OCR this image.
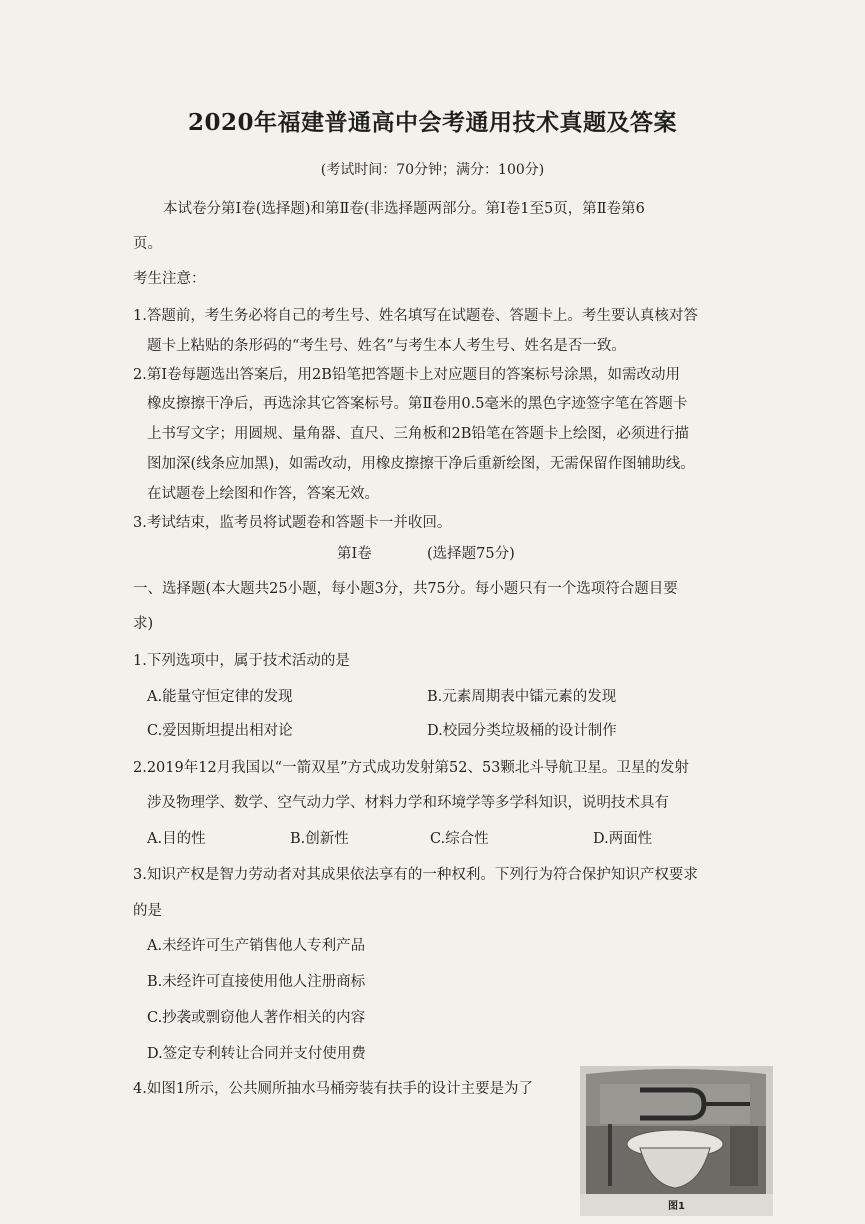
2020年福建普通高中会考通用技术真题及答案
(考试时间：70分钟；满分：100分)
本试卷分第Ⅰ卷(选择题)和第Ⅱ卷(非选择题两部分。第Ⅰ卷1至5页，第Ⅱ卷第6
页。
考生注意：
1.答题前，考生务必将自己的考生号、姓名填写在试题卷、答题卡上。考生要认真核对答
题卡上粘贴的条形码的“考生号、姓名”与考生本人考生号、姓名是否一致。
2.第Ⅰ卷每题选出答案后，用2B铅笔把答题卡上对应题目的答案标号涂黑，如需改动用
橡皮擦擦干净后，再选涂其它答案标号。第Ⅱ卷用0.5毫米的黑色字迹签字笔在答题卡
上书写文字；用圆规、量角器、直尺、三角板和2B铅笔在答题卡上绘图，必须进行描
图加深(线条应加黑)，如需改动，用橡皮擦擦干净后重新绘图，无需保留作图辅助线。
在试题卷上绘图和作答，答案无效。
3.考试结束，监考员将试题卷和答题卡一并收回。
第Ⅰ卷	(选择题75分)
一、选择题(本大题共25小题，每小题3分，共75分。每小题只有一个选项符合题目要
求)
1.下列选项中，属于技术活动的是
A.能量守恒定律的发现	B.元素周期表中镭元素的发现
C.爱因斯坦提出相对论	D.校园分类垃圾桶的设计制作
2.2019年12月我国以“一箭双星”方式成功发射第52、53颗北斗导航卫星。卫星的发射
涉及物理学、数学、空气动力学、材料力学和环境学等多学科知识，说明技术具有
A.目的性	B.创新性	C.综合性	D.两面性
3.知识产权是智力劳动者对其成果依法享有的一种权利。下列行为符合保护知识产权要求
的是
A.未经许可生产销售他人专利产品
B.未经许可直接使用他人注册商标
C.抄袭或剽窃他人著作相关的内容
D.签定专利转让合同并支付使用费
4.如图1所示，公共厕所抽水马桶旁装有扶手的设计主要是为了
图1
